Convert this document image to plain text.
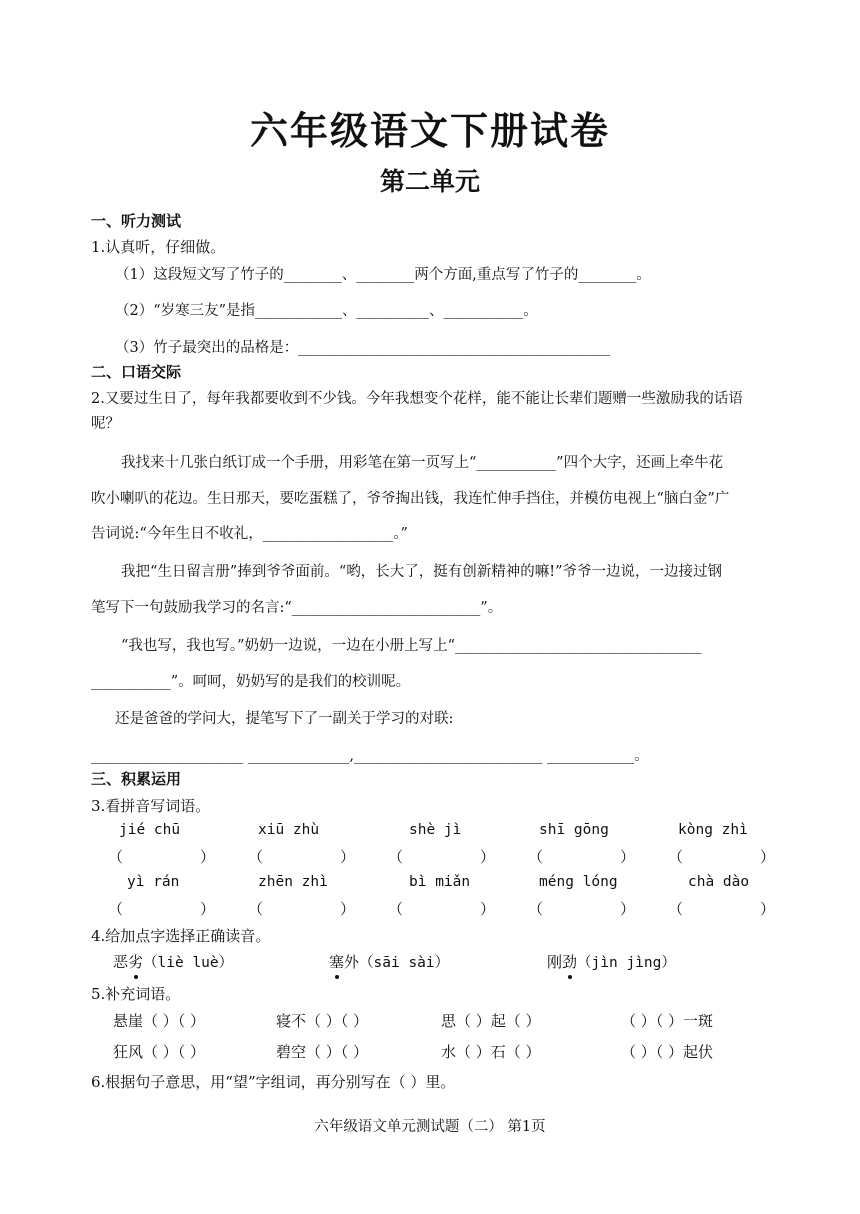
六年级语文下册试卷
第二单元
一、听力测试
1.认真听，仔细做。
（1）这段短文写了竹子的________、________两个方面,重点写了竹子的________。
（2）“岁寒三友”是指____________、__________、___________。
（3）竹子最突出的品格是：___________________________________________
二、口语交际
2.又要过生日了，每年我都要收到不少钱。今年我想变个花样，能不能让长辈们题赠一些激励我的话语
呢？
我找来十几张白纸订成一个手册，用彩笔在第一页写上“___________”四个大字，还画上牵牛花
吹小喇叭的花边。生日那天，要吃蛋糕了，爷爷掏出钱，我连忙伸手挡住，并模仿电视上“脑白金”广
告词说:“今年生日不收礼，__________________。”
我把“生日留言册”捧到爷爷面前。“哟，长大了，挺有创新精神的嘛!”爷爷一边说，一边接过钢
笔写下一句鼓励我学习的名言:“__________________________”。
“我也写，我也写。”奶奶一边说，一边在小册上写上“__________________________________
___________”。呵呵，奶奶写的是我们的校训呢。
还是爸爸的学问大，提笔写下了一副关于学习的对联:
_____________________ ______________,__________________________ ____________。
三、积累运用
3.看拼音写词语。
jié chū	xiū zhù	shè jì	shī gōng	kòng zhì
（	） （	） （	） （	） （	）
yì rán	zhēn zhì	bì miǎn	méng lóng	chà dào
（	） （	） （	） （	） （	）
4.给加点字选择正确读音。
恶劣（liè luè）	塞外（sāi sài）	刚劲（jìn jìng）
5.补充词语。
悬崖（ ）（ ）	寝不（ ）（ ）	思（ ）起（ ）	（ ）（ ）一斑
狂风（ ）（ ）	碧空（ ）（ ）	水（ ）石（ ）	（ ）（ ）起伏
6.根据句子意思，用“望”字组词，再分别写在（ ）里。
六年级语文单元测试题（二） 第1页
